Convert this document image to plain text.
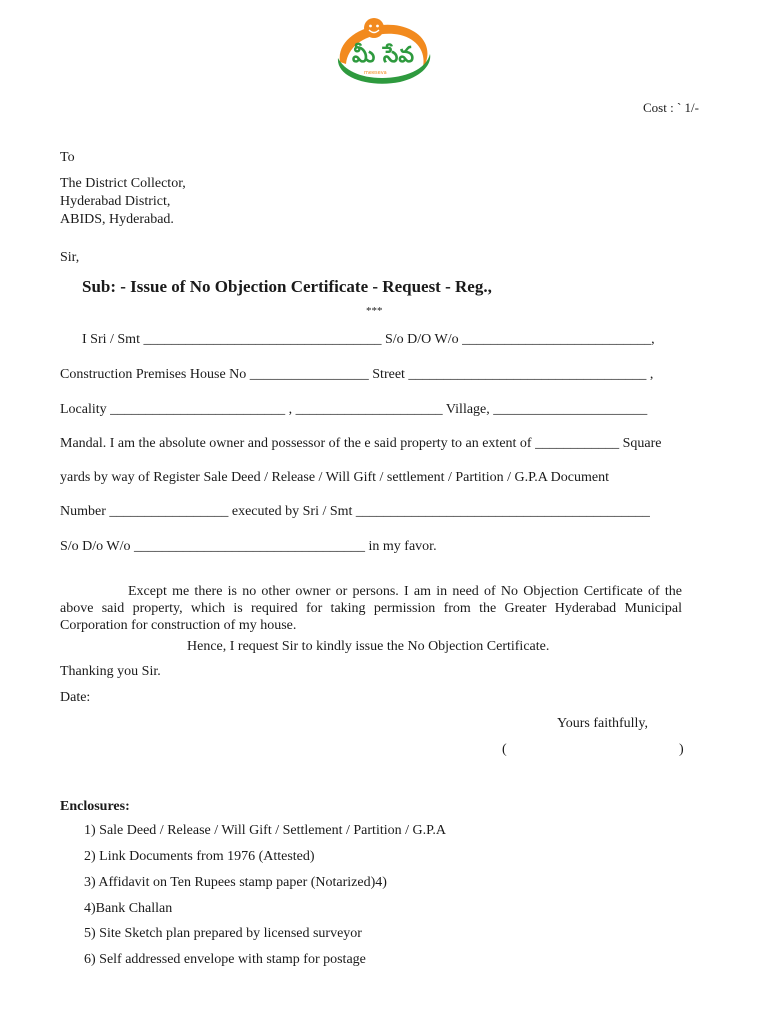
మీ సేవ
meeseva
Cost : ` 1/-
To
The District Collector,
Hyderabad District,
ABIDS, Hyderabad.
Sir,
Sub: - Issue of No Objection Certificate - Request - Reg.,
***
I Sri / Smt __________________________________ S/o D/O W/o ___________________________,
Construction Premises House No _________________ Street __________________________________ ,
Locality _________________________ , _____________________ Village, ______________________
Mandal. I am the absolute owner and possessor of the e said property to an extent of ____________ Square
yards by way of Register Sale Deed / Release / Will Gift / settlement / Partition / G.P.A Document
Number _________________ executed by Sri / Smt __________________________________________
S/o D/o W/o _________________________________ in my favor.
Except me there is no other owner or persons. I am in need of No Objection Certificate of the above said property, which is required for taking permission from the Greater Hyderabad Municipal Corporation for construction of my house.
Hence, I request Sir to kindly issue the No Objection Certificate.
Thanking you Sir.
Date:
Yours faithfully,
(	)
Enclosures:
1) Sale Deed / Release / Will Gift / Settlement / Partition / G.P.A
2) Link Documents from 1976 (Attested)
3) Affidavit on Ten Rupees stamp paper (Notarized)4)
4)Bank Challan
5) Site Sketch plan prepared by licensed surveyor
6) Self addressed envelope with stamp for postage
